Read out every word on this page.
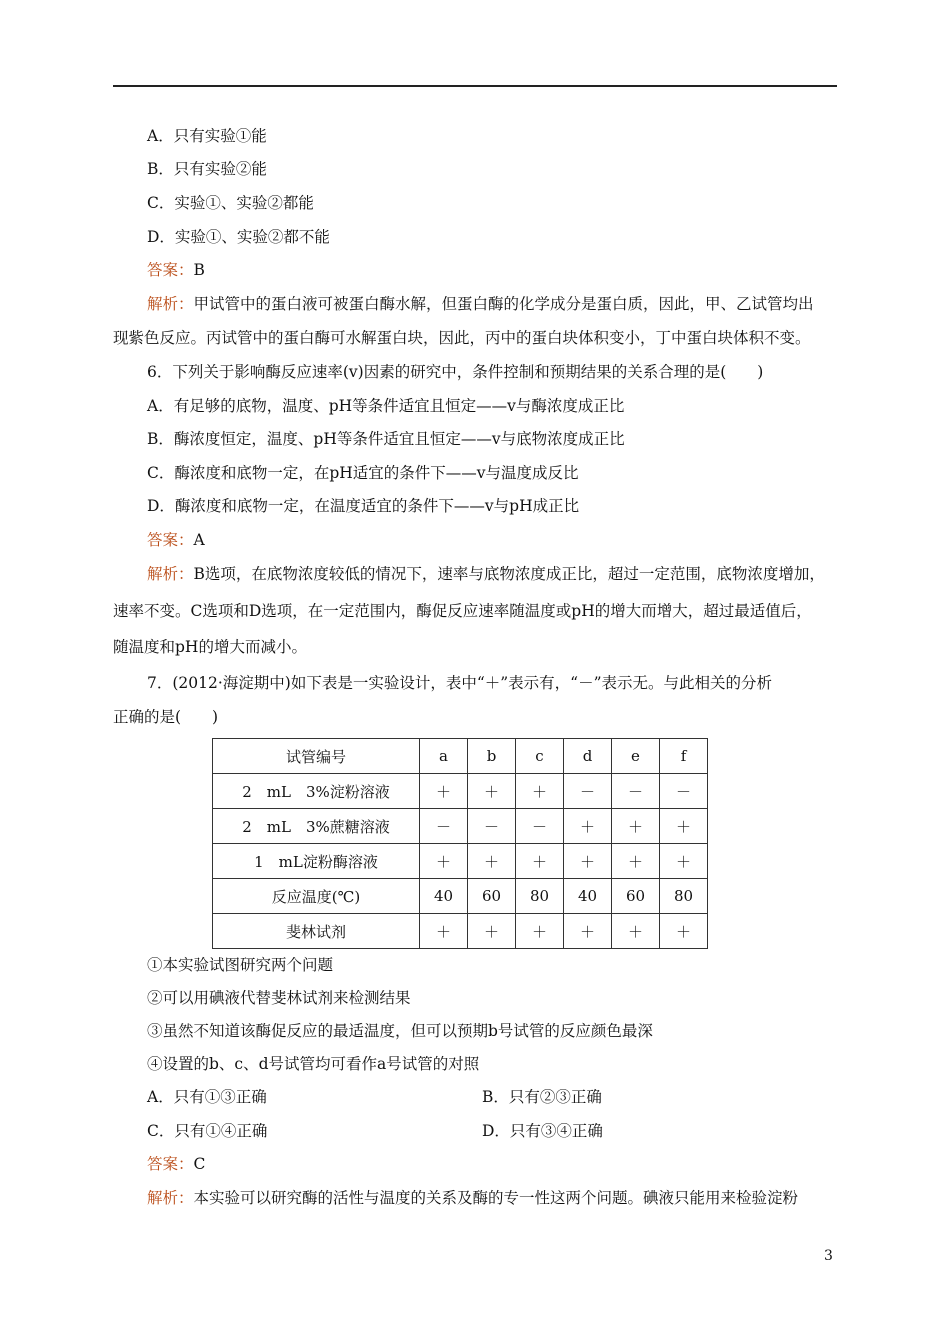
A．只有实验①能
B．只有实验②能
C．实验①、实验②都能
D．实验①、实验②都不能
答案：B
解析：甲试管中的蛋白液可被蛋白酶水解，但蛋白酶的化学成分是蛋白质，因此，甲、乙试管均出
现紫色反应。丙试管中的蛋白酶可水解蛋白块，因此，丙中的蛋白块体积变小，丁中蛋白块体积不变。
6．下列关于影响酶反应速率(v)因素的研究中，条件控制和预期结果的关系合理的是(　　)
A．有足够的底物，温度、pH等条件适宜且恒定——v与酶浓度成正比
B．酶浓度恒定，温度、pH等条件适宜且恒定——v与底物浓度成正比
C．酶浓度和底物一定，在pH适宜的条件下——v与温度成反比
D．酶浓度和底物一定，在温度适宜的条件下——v与pH成正比
答案：A
解析：B选项，在底物浓度较低的情况下，速率与底物浓度成正比，超过一定范围，底物浓度增加，
速率不变。C选项和D选项，在一定范围内，酶促反应速率随温度或pH的增大而增大，超过最适值后，
随温度和pH的增大而减小。
7．(2012·海淀期中)如下表是一实验设计，表中“＋”表示有，“－”表示无。与此相关的分析
正确的是(　　)
试管编号	a	b	c	d	e	f
2　mL　3%淀粉溶液	＋	＋	＋	－	－	－
2　mL　3%蔗糖溶液	－	－	－	＋	＋	＋
1　mL淀粉酶溶液	＋	＋	＋	＋	＋	＋
反应温度(℃)	40	60	80	40	60	80
斐林试剂	＋	＋	＋	＋	＋	＋
①本实验试图研究两个问题
②可以用碘液代替斐林试剂来检测结果
③虽然不知道该酶促反应的最适温度，但可以预期b号试管的反应颜色最深
④设置的b、c、d号试管均可看作a号试管的对照
A．只有①③正确	B．只有②③正确
C．只有①④正确	D．只有③④正确
答案：C
解析：本实验可以研究酶的活性与温度的关系及酶的专一性这两个问题。碘液只能用来检验淀粉
3
